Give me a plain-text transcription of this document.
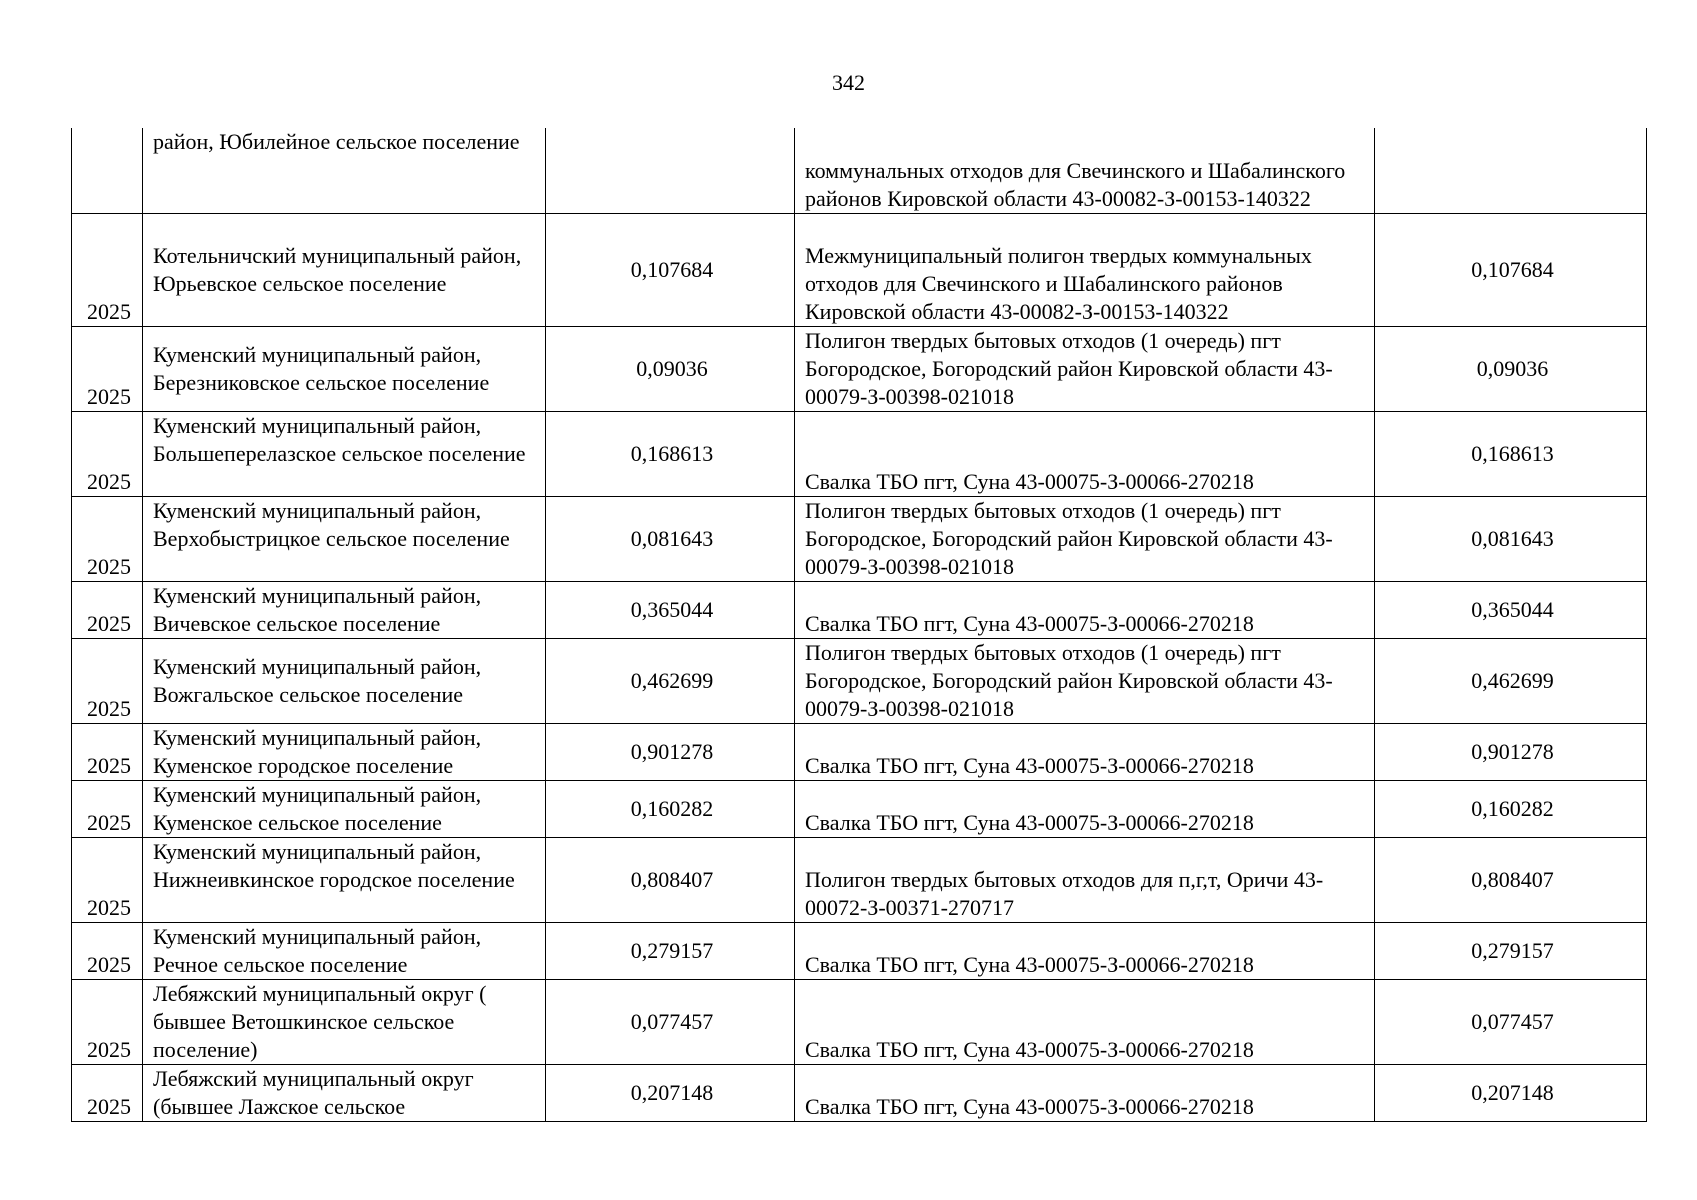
342
	район, Юбилейное сельское поселение		коммунальных отходов для Свечинского и Шабалинского районов Кировской области 43-00082-З-00153-140322	
2025	Котельничский муниципальный район, Юрьевское сельское поселение	0,107684	Межмуниципальный полигон твердых коммунальных отходов для Свечинского и Шабалинского районов Кировской области 43-00082-З-00153-140322	0,107684
2025	Куменский муниципальный район, Березниковское сельское поселение	0,09036	Полигон твердых бытовых отходов (1 очередь) пгт Богородское, Богородский район Кировской области 43-00079-З-00398-021018	0,09036
2025	Куменский муниципальный район, Большеперелазское сельское поселение	0,168613	Свалка ТБО пгт, Суна 43-00075-З-00066-270218	0,168613
2025	Куменский муниципальный район, Верхобыстрицкое сельское поселение	0,081643	Полигон твердых бытовых отходов (1 очередь) пгт Богородское, Богородский район Кировской области 43-00079-З-00398-021018	0,081643
2025	Куменский муниципальный район, Вичевское сельское поселение	0,365044	Свалка ТБО пгт, Суна 43-00075-З-00066-270218	0,365044
2025	Куменский муниципальный район, Вожгальское сельское поселение	0,462699	Полигон твердых бытовых отходов (1 очередь) пгт Богородское, Богородский район Кировской области 43-00079-З-00398-021018	0,462699
2025	Куменский муниципальный район, Куменское городское поселение	0,901278	Свалка ТБО пгт, Суна 43-00075-З-00066-270218	0,901278
2025	Куменский муниципальный район, Куменское сельское поселение	0,160282	Свалка ТБО пгт, Суна 43-00075-З-00066-270218	0,160282
2025	Куменский муниципальный район, Нижнеивкинское городское поселение	0,808407	Полигон твердых бытовых отходов для п,г,т, Оричи 43-00072-З-00371-270717	0,808407
2025	Куменский муниципальный район, Речное сельское поселение	0,279157	Свалка ТБО пгт, Суна 43-00075-З-00066-270218	0,279157
2025	Лебяжский муниципальный округ ( бывшее Ветошкинское сельское поселение)	0,077457	Свалка ТБО пгт, Суна 43-00075-З-00066-270218	0,077457
2025	Лебяжский муниципальный округ (бывшее Лажское сельское	0,207148	Свалка ТБО пгт, Суна 43-00075-З-00066-270218	0,207148
